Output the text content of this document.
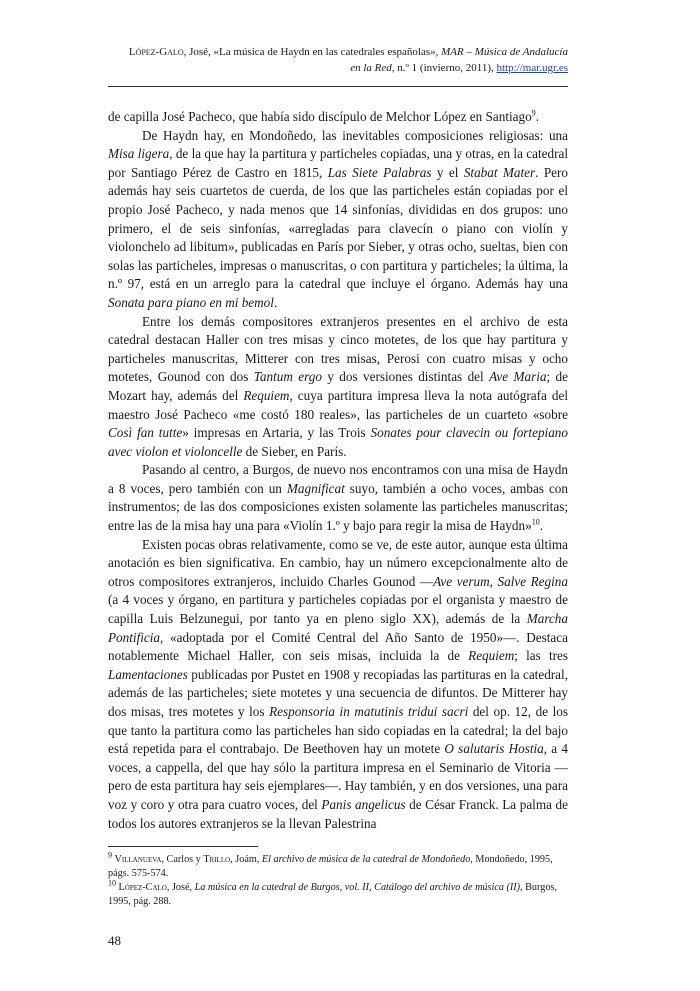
López-Galo, José, «La música de Haydn en las catedrales españolas», MAR – Música de Andalucía
en la Red, n.º 1 (invierno, 2011), http://mar.ugr.es

de capilla José Pacheco, que había sido discípulo de Melchor López en Santiago$^9$.

De Haydn hay, en Mondoñedo, las inevitables composiciones religiosas: una Misa ligera, de la que hay la partitura y particheles copiadas, una y otras, en la catedral por Santiago Pérez de Castro en 1815, Las Siete Palabras y el Stabat Mater. Pero además hay seis cuartetos de cuerda, de los que las particheles están copiadas por el propio José Pacheco, y nada menos que 14 sinfonías, divididas en dos grupos: uno primero, el de seis sinfonías, «arregladas para clavecín o piano con violín y violonchelo ad libitum», publicadas en París por Sieber, y otras ocho, sueltas, bien con solas las particheles, impresas o manuscritas, o con partitura y particheles; la última, la n.º 97, está en un arreglo para la catedral que incluye el órgano. Además hay una Sonata para piano en mi bemol.

Entre los demás compositores extranjeros presentes en el archivo de esta catedral destacan Haller con tres misas y cinco motetes, de los que hay partitura y particheles manuscritas, Mitterer con tres misas, Perosi con cuatro misas y ocho motetes, Gounod con dos Tantum ergo y dos versiones distintas del Ave Maria; de Mozart hay, además del Requiem, cuya partitura impresa lleva la nota autógrafa del maestro José Pacheco «me costó 180 reales», las particheles de un cuarteto «sobre Così fan tutte» impresas en Artaria, y las Trois Sonates pour clavecin ou fortepiano avec violon et violoncelle de Sieber, en París.

Pasando al centro, a Burgos, de nuevo nos encontramos con una misa de Haydn a 8 voces, pero también con un Magnificat suyo, también a ocho voces, ambas con instrumentos; de las dos composiciones existen solamente las particheles manuscritas; entre las de la misa hay una para «Violín 1.º y bajo para regir la misa de Haydn»$^{10}$.

Existen pocas obras relativamente, como se ve, de este autor, aunque esta última anotación es bien significativa. En cambio, hay un número excepcionalmente alto de otros compositores extranjeros, incluido Charles Gounod —Ave verum, Salve Regina (a 4 voces y órgano, en partitura y particheles copiadas por el organista y maestro de capilla Luis Belzunegui, por tanto ya en pleno siglo XX), además de la Marcha Pontificia, «adoptada por el Comité Central del Año Santo de 1950»—. Destaca notablemente Michael Haller, con seis misas, incluida la de Requiem; las tres Lamentaciones publicadas por Pustet en 1908 y recopiadas las partituras en la catedral, además de las particheles; siete motetes y una secuencia de difuntos. De Mitterer hay dos misas, tres motetes y los Responsoria in matutinis tridui sacri del op. 12, de los que tanto la partitura como las particheles han sido copiadas en la catedral; la del bajo está repetida para el contrabajo. De Beethoven hay un motete O salutaris Hostia, a 4 voces, a cappella, del que hay sólo la partitura impresa en el Seminario de Vitoria —pero de esta partitura hay seis ejemplares—. Hay también, y en dos versiones, una para voz y coro y otra para cuatro voces, del Panis angelicus de César Franck. La palma de todos los autores extranjeros se la llevan Palestrina

$^9$ Villanueva, Carlos y Trillo, Joám, El archivo de música de la catedral de Mondoñedo, Mondoñedo, 1995, págs. 575-574.

$^{10}$ López-Calo, José, La música en la catedral de Burgos, vol. II, Catálogo del archivo de música (II), Burgos, 1995, pág. 288.

48
